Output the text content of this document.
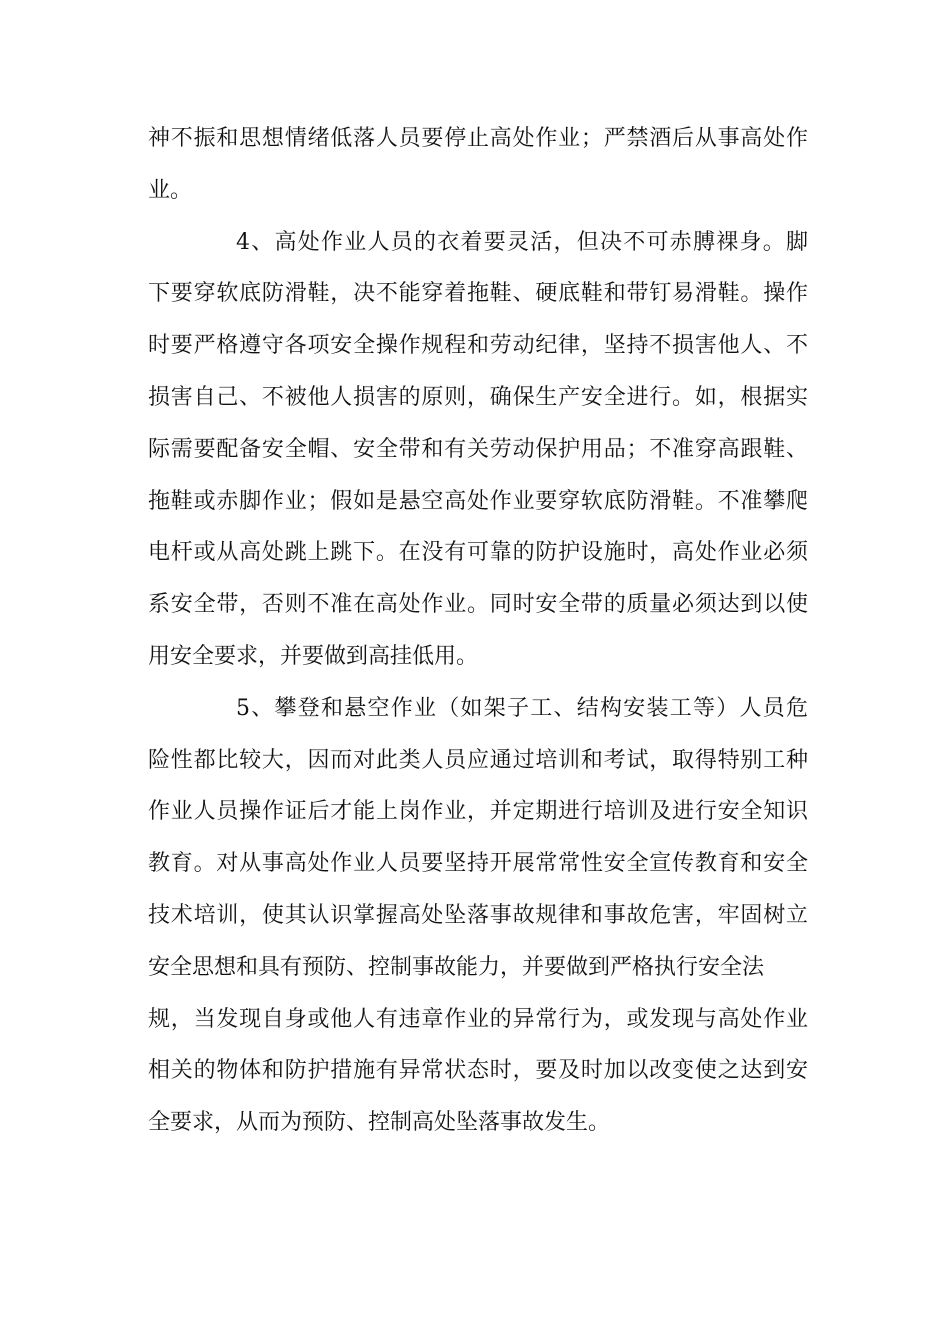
神不振和思想情绪低落人员要停止高处作业；严禁酒后从事高处作
业。
4、高处作业人员的衣着要灵活，但决不可赤膊裸身。脚
下要穿软底防滑鞋，决不能穿着拖鞋、硬底鞋和带钉易滑鞋。操作
时要严格遵守各项安全操作规程和劳动纪律，坚持不损害他人、不
损害自己、不被他人损害的原则，确保生产安全进行。如，根据实
际需要配备安全帽、安全带和有关劳动保护用品；不准穿高跟鞋、
拖鞋或赤脚作业；假如是悬空高处作业要穿软底防滑鞋。不准攀爬
电杆或从高处跳上跳下。在没有可靠的防护设施时，高处作业必须
系安全带，否则不准在高处作业。同时安全带的质量必须达到以使
用安全要求，并要做到高挂低用。
5、攀登和悬空作业（如架子工、结构安装工等）人员危
险性都比较大，因而对此类人员应通过培训和考试，取得特别工种
作业人员操作证后才能上岗作业，并定期进行培训及进行安全知识
教育。对从事高处作业人员要坚持开展常常性安全宣传教育和安全
技术培训，使其认识掌握高处坠落事故规律和事故危害，牢固树立
安全思想和具有预防、控制事故能力，并要做到严格执行安全法
规，当发现自身或他人有违章作业的异常行为，或发现与高处作业
相关的物体和防护措施有异常状态时，要及时加以改变使之达到安
全要求，从而为预防、控制高处坠落事故发生。
